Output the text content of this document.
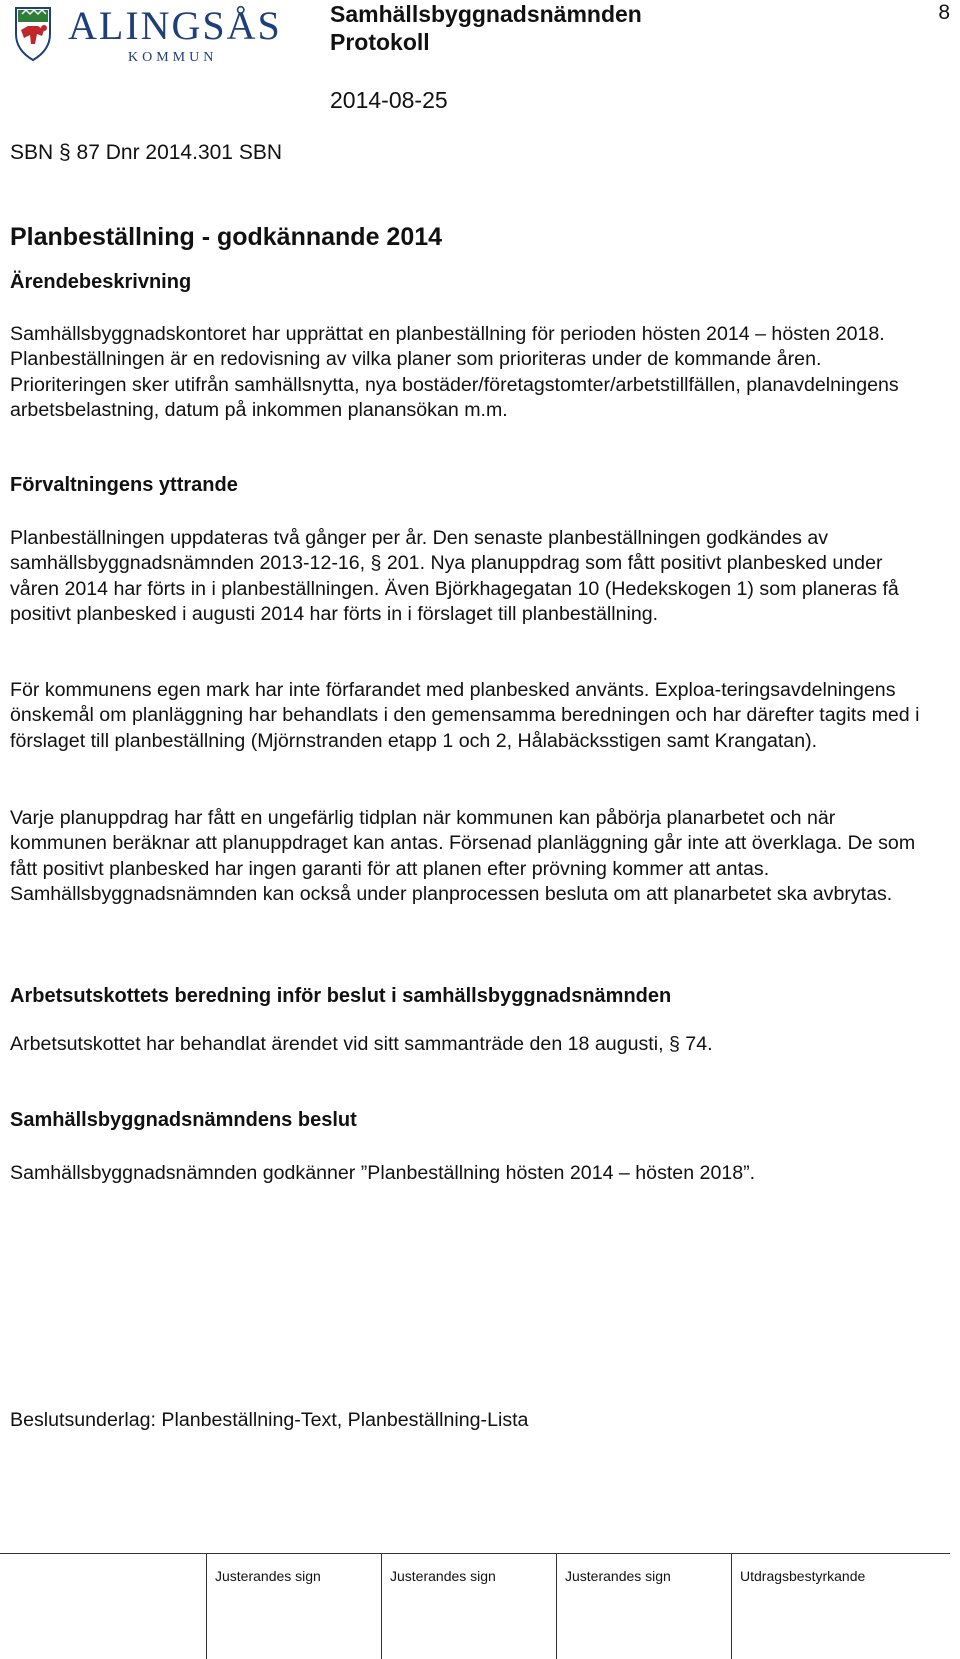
ALINGSÅS
KOMMUN
Samhällsbyggnadsnämnden
Protokoll
8
2014-08-25
SBN § 87 Dnr 2014.301 SBN
Planbeställning - godkännande 2014
Ärendebeskrivning
Samhällsbyggnadskontoret har upprättat en planbeställning för perioden hösten 2014 – hösten 2018. Planbeställningen är en redovisning av vilka planer som prioriteras under de kommande åren. Prioriteringen sker utifrån samhällsnytta, nya bostäder/företagstomter/arbetstillfällen, planavdelningens arbetsbelastning, datum på inkommen planansökan m.m.
Förvaltningens yttrande
Planbeställningen uppdateras två gånger per år. Den senaste planbeställningen godkändes av samhällsbyggnadsnämnden 2013-12-16, § 201. Nya planuppdrag som fått positivt planbesked under våren 2014 har förts in i planbeställningen. Även Björkhagegatan 10 (Hedekskogen 1) som planeras få positivt planbesked i augusti 2014 har förts in i förslaget till planbeställning.
För kommunens egen mark har inte förfarandet med planbesked använts. Exploa-teringsavdelningens önskemål om planläggning har behandlats i den gemensamma beredningen och har därefter tagits med i förslaget till planbeställning (Mjörnstranden etapp 1 och 2, Hålabäcksstigen samt Krangatan).
Varje planuppdrag har fått en ungefärlig tidplan när kommunen kan påbörja planarbetet och när kommunen beräknar att planuppdraget kan antas. Försenad planläggning går inte att överklaga. De som fått positivt planbesked har ingen garanti för att planen efter prövning kommer att antas. Samhällsbyggnadsnämnden kan också under planprocessen besluta om att planarbetet ska avbrytas.
Arbetsutskottets beredning inför beslut i samhällsbyggnadsnämnden
Arbetsutskottet har behandlat ärendet vid sitt sammanträde den 18 augusti, § 74.
Samhällsbyggnadsnämndens beslut
Samhällsbyggnadsnämnden godkänner ”Planbeställning hösten 2014 – hösten 2018”.
Beslutsunderlag: Planbeställning-Text, Planbeställning-Lista
Justerandes sign	Justerandes sign	Justerandes sign	Utdragsbestyrkande
